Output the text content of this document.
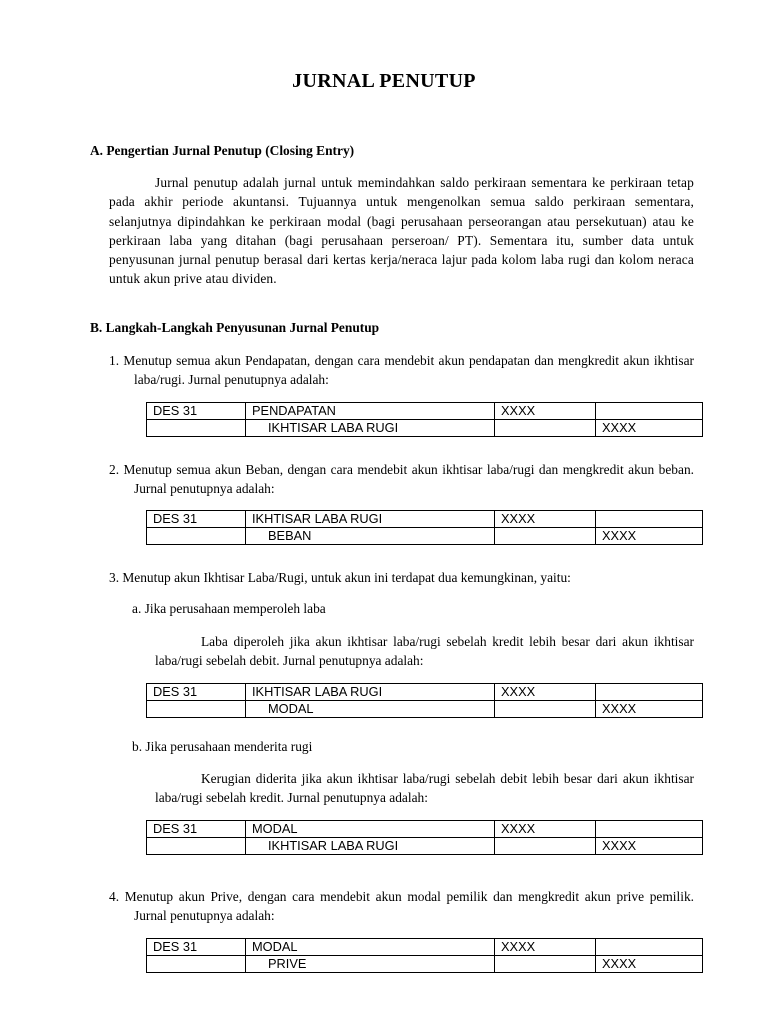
JURNAL PENUTUP
A. Pengertian Jurnal Penutup (Closing Entry)
Jurnal penutup adalah jurnal untuk memindahkan saldo perkiraan sementara ke perkiraan tetap pada akhir periode akuntansi. Tujuannya untuk mengenolkan semua saldo perkiraan sementara, selanjutnya dipindahkan ke perkiraan modal (bagi perusahaan perseorangan atau persekutuan) atau ke perkiraan laba yang ditahan (bagi perusahaan perseroan/ PT). Sementara itu, sumber data untuk penyusunan jurnal penutup berasal dari kertas kerja/neraca lajur pada kolom laba rugi dan kolom neraca untuk akun prive atau dividen.
B. Langkah-Langkah Penyusunan Jurnal Penutup
1. Menutup semua akun Pendapatan, dengan cara mendebit akun pendapatan dan mengkredit akun ikhtisar laba/rugi. Jurnal penutupnya adalah:
DES 31	PENDAPATAN	XXXX	
	IKHTISAR LABA RUGI		XXXX
2. Menutup semua akun Beban, dengan cara mendebit akun ikhtisar laba/rugi dan mengkredit akun beban. Jurnal penutupnya adalah:
DES 31	IKHTISAR LABA RUGI	XXXX	
	BEBAN		XXXX
3. Menutup akun Ikhtisar Laba/Rugi, untuk akun ini terdapat dua kemungkinan, yaitu:
a. Jika perusahaan memperoleh laba
Laba diperoleh jika akun ikhtisar laba/rugi sebelah kredit lebih besar dari akun ikhtisar laba/rugi sebelah debit. Jurnal penutupnya adalah:
DES 31	IKHTISAR LABA RUGI	XXXX	
	MODAL		XXXX
b. Jika perusahaan menderita rugi
Kerugian diderita jika akun ikhtisar laba/rugi sebelah debit lebih besar dari akun ikhtisar laba/rugi sebelah kredit. Jurnal penutupnya adalah:
DES 31	MODAL	XXXX	
	IKHTISAR LABA RUGI		XXXX
4. Menutup akun Prive, dengan cara mendebit akun modal pemilik dan mengkredit akun prive pemilik. Jurnal penutupnya adalah:
DES 31	MODAL	XXXX	
	PRIVE		XXXX
